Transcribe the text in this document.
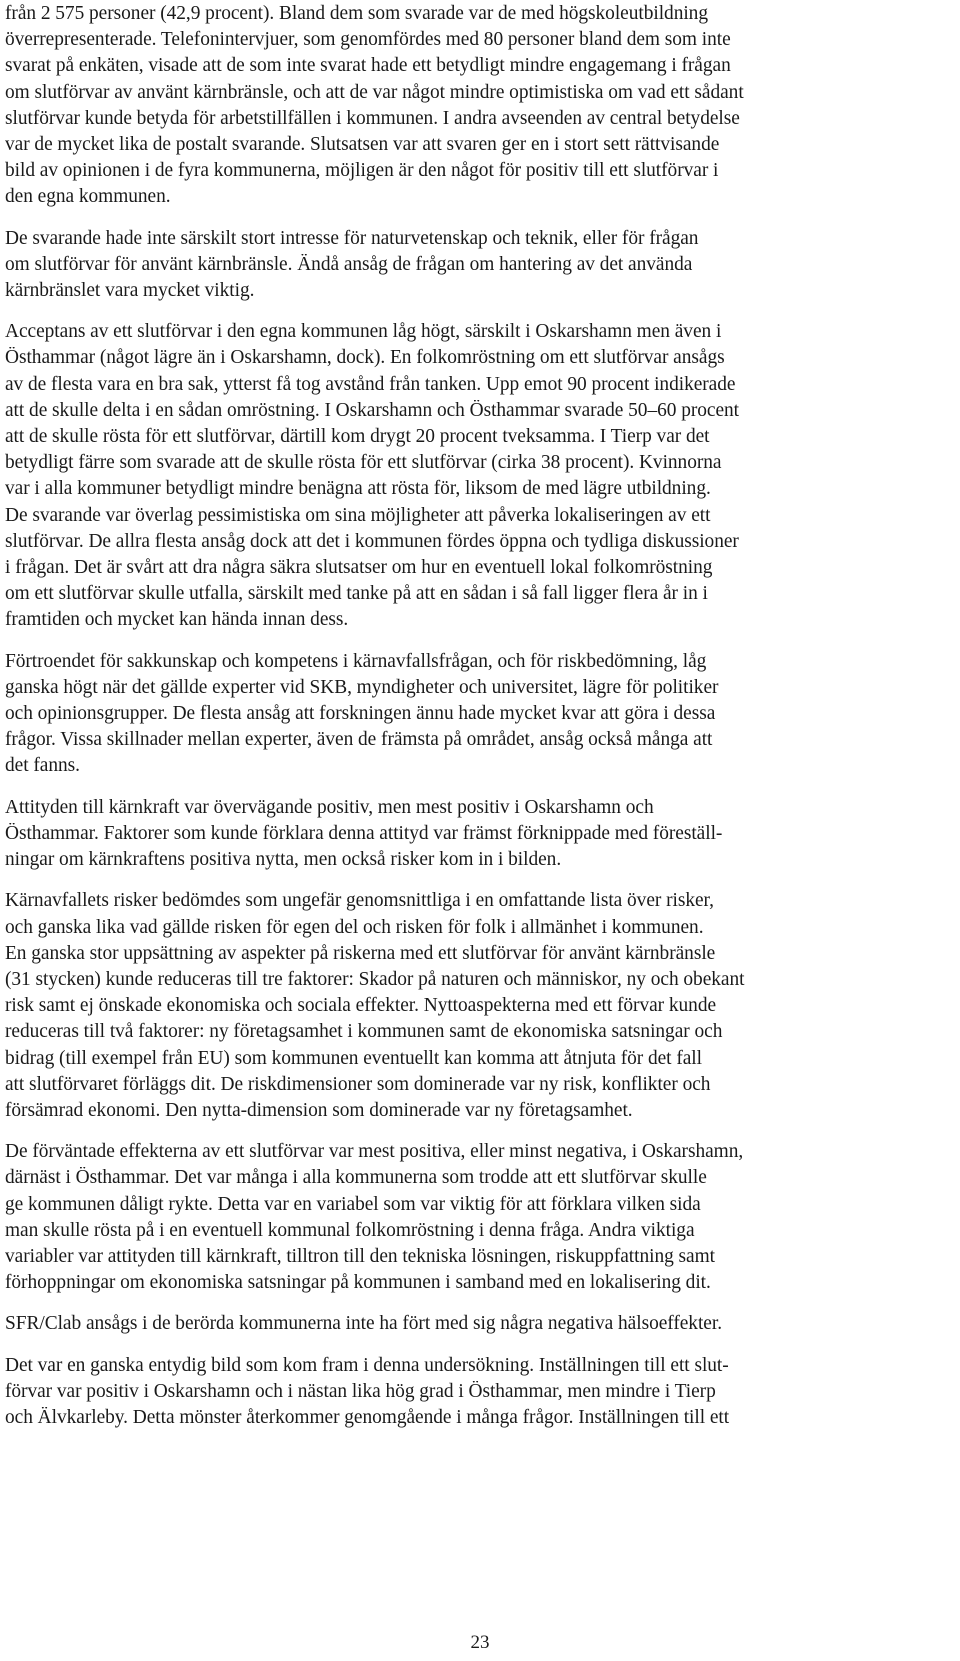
från 2 575 personer (42,9 procent). Bland dem som svarade var de med högskoleutbildning
överrepresenterade. Telefonintervjuer, som genomfördes med 80 personer bland dem som inte
svarat på enkäten, visade att de som inte svarat hade ett betydligt mindre engagemang i frågan
om slutförvar av använt kärnbränsle, och att de var något mindre optimistiska om vad ett sådant
slutförvar kunde betyda för arbetstillfällen i kommunen. I andra avseenden av central betydelse
var de mycket lika de postalt svarande. Slutsatsen var att svaren ger en i stort sett rättvisande
bild av opinionen i de fyra kommunerna, möjligen är den något för positiv till ett slutförvar i
den egna kommunen.

De svarande hade inte särskilt stort intresse för naturvetenskap och teknik, eller för frågan
om slutförvar för använt kärnbränsle. Ändå ansåg de frågan om hantering av det använda
kärnbränslet vara mycket viktig.

Acceptans av ett slutförvar i den egna kommunen låg högt, särskilt i Oskarshamn men även i
Östhammar (något lägre än i Oskarshamn, dock). En folkomröstning om ett slutförvar ansågs
av de flesta vara en bra sak, ytterst få tog avstånd från tanken. Upp emot 90 procent indikerade
att de skulle delta i en sådan omröstning. I Oskarshamn och Östhammar svarade 50–60 procent
att de skulle rösta för ett slutförvar, därtill kom drygt 20 procent tveksamma. I Tierp var det
betydligt färre som svarade att de skulle rösta för ett slutförvar (cirka 38 procent). Kvinnorna
var i alla kommuner betydligt mindre benägna att rösta för, liksom de med lägre utbildning.
De svarande var överlag pessimistiska om sina möjligheter att påverka lokaliseringen av ett
slutförvar. De allra flesta ansåg dock att det i kommunen fördes öppna och tydliga diskussioner
i frågan. Det är svårt att dra några säkra slutsatser om hur en eventuell lokal folkomröstning
om ett slutförvar skulle utfalla, särskilt med tanke på att en sådan i så fall ligger flera år in i
framtiden och mycket kan hända innan dess.

Förtroendet för sakkunskap och kompetens i kärnavfallsfrågan, och för riskbedömning, låg
ganska högt när det gällde experter vid SKB, myndigheter och universitet, lägre för politiker
och opinionsgrupper. De flesta ansåg att forskningen ännu hade mycket kvar att göra i dessa
frågor. Vissa skillnader mellan experter, även de främsta på området, ansåg också många att
det fanns.

Attityden till kärnkraft var övervägande positiv, men mest positiv i Oskarshamn och
Östhammar. Faktorer som kunde förklara denna attityd var främst förknippade med föreställ-
ningar om kärnkraftens positiva nytta, men också risker kom in i bilden.

Kärnavfallets risker bedömdes som ungefär genomsnittliga i en omfattande lista över risker,
och ganska lika vad gällde risken för egen del och risken för folk i allmänhet i kommunen.
En ganska stor uppsättning av aspekter på riskerna med ett slutförvar för använt kärnbränsle
(31 stycken) kunde reduceras till tre faktorer: Skador på naturen och människor, ny och obekant
risk samt ej önskade ekonomiska och sociala effekter. Nyttoaspekterna med ett förvar kunde
reduceras till två faktorer: ny företagsamhet i kommunen samt de ekonomiska satsningar och
bidrag (till exempel från EU) som kommunen eventuellt kan komma att åtnjuta för det fall
att slutförvaret förläggs dit. De riskdimensioner som dominerade var ny risk, konflikter och
försämrad ekonomi. Den nytta-dimension som dominerade var ny företagsamhet.

De förväntade effekterna av ett slutförvar var mest positiva, eller minst negativa, i Oskarshamn,
därnäst i Östhammar. Det var många i alla kommunerna som trodde att ett slutförvar skulle
ge kommunen dåligt rykte. Detta var en variabel som var viktig för att förklara vilken sida
man skulle rösta på i en eventuell kommunal folkomröstning i denna fråga. Andra viktiga
variabler var attityden till kärnkraft, tilltron till den tekniska lösningen, riskuppfattning samt
förhoppningar om ekonomiska satsningar på kommunen i samband med en lokalisering dit.

SFR/Clab ansågs i de berörda kommunerna inte ha fört med sig några negativa hälsoeffekter.

Det var en ganska entydig bild som kom fram i denna undersökning. Inställningen till ett slut-
förvar var positiv i Oskarshamn och i nästan lika hög grad i Östhammar, men mindre i Tierp
och Älvkarleby. Detta mönster återkommer genomgående i många frågor. Inställningen till ett

23
